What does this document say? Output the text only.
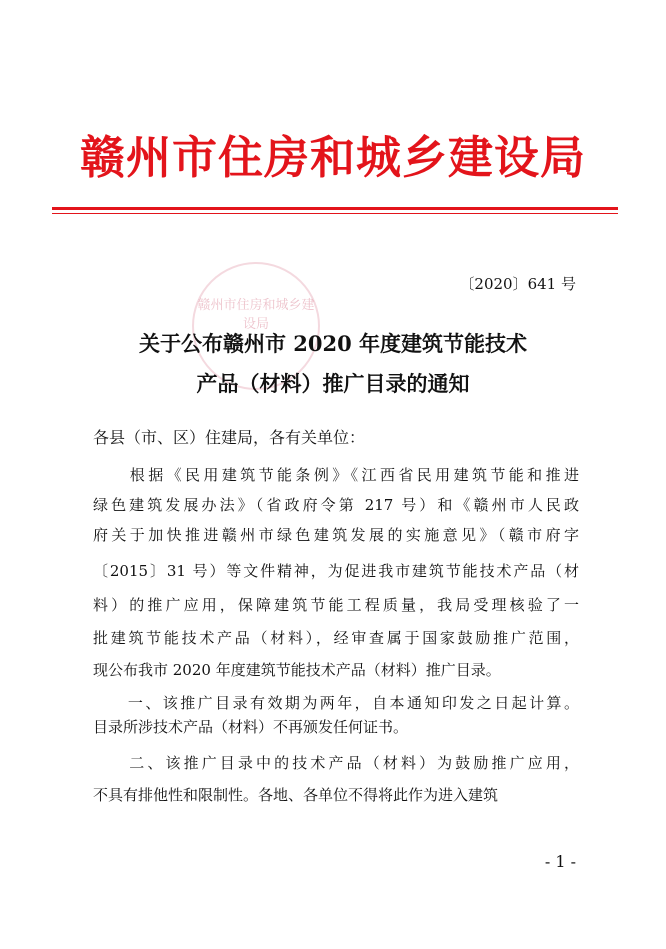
赣州市住房和城乡建设局
赣州市住房和城乡建设局
〔2020〕641 号
关于公布赣州市 2020 年度建筑节能技术
产品（材料）推广目录的通知
各县（市、区）住建局，各有关单位：
　　根据《民用建筑节能条例》《江西省民用建筑节能和推进
绿色建筑发展办法》（省政府令第 217 号）和《赣州市人民政
府关于加快推进赣州市绿色建筑发展的实施意见》（赣市府字
〔2015〕31 号）等文件精神，为促进我市建筑节能技术产品（材
料）的推广应用，保障建筑节能工程质量，我局受理核验了一
批建筑节能技术产品（材料），经审查属于国家鼓励推广范围，
现公布我市 2020 年度建筑节能技术产品（材料）推广目录。
　　一、该推广目录有效期为两年，自本通知印发之日起计算。
目录所涉技术产品（材料）不再颁发任何证书。
　　二、该推广目录中的技术产品（材料）为鼓励推广应用，
不具有排他性和限制性。各地、各单位不得将此作为进入建筑
- 1 -
